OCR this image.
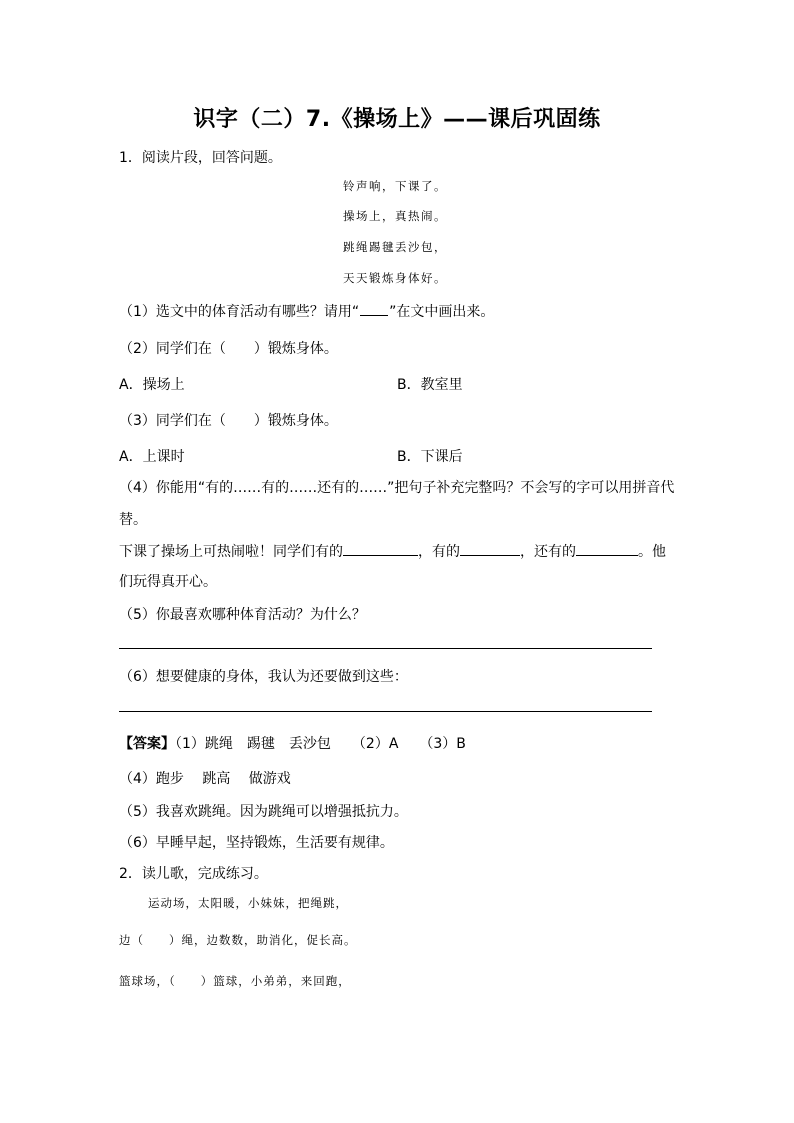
识字（二）7.《操场上》——课后巩固练
1．阅读片段，回答问题。
铃声响，下课了。
操场上，真热闹。
跳绳踢毽丢沙包，
天天锻炼身体好。
（1）选文中的体育活动有哪些？请用“ ”在文中画出来。
（2）同学们在（　　）锻炼身体。
A．操场上	B．教室里
（3）同学们在（　　）锻炼身体。
A．上课时	B．下课后
（4）你能用“有的……有的……还有的……”把句子补充完整吗？不会写的字可以用拼音代
替。
下课了操场上可热闹啦！同学们有的	，有的	，还有的	。他
们玩得真开心。
（5）你最喜欢哪种体育活动？为什么？
（6）想要健康的身体，我认为还要做到这些：
【答案】（1）跳绳　踢毽　丢沙包　　（2）A　　（3）B
（4）跑步　 跳高　 做游戏
（5）我喜欢跳绳。因为跳绳可以增强抵抗力。
（6）早睡早起，坚持锻炼，生活要有规律。
2．读儿歌，完成练习。
运动场，太阳暖，小妹妹，把绳跳，
边（　　）绳，边数数，助消化，促长高。
篮球场，（　　）篮球，小弟弟，来回跑，
